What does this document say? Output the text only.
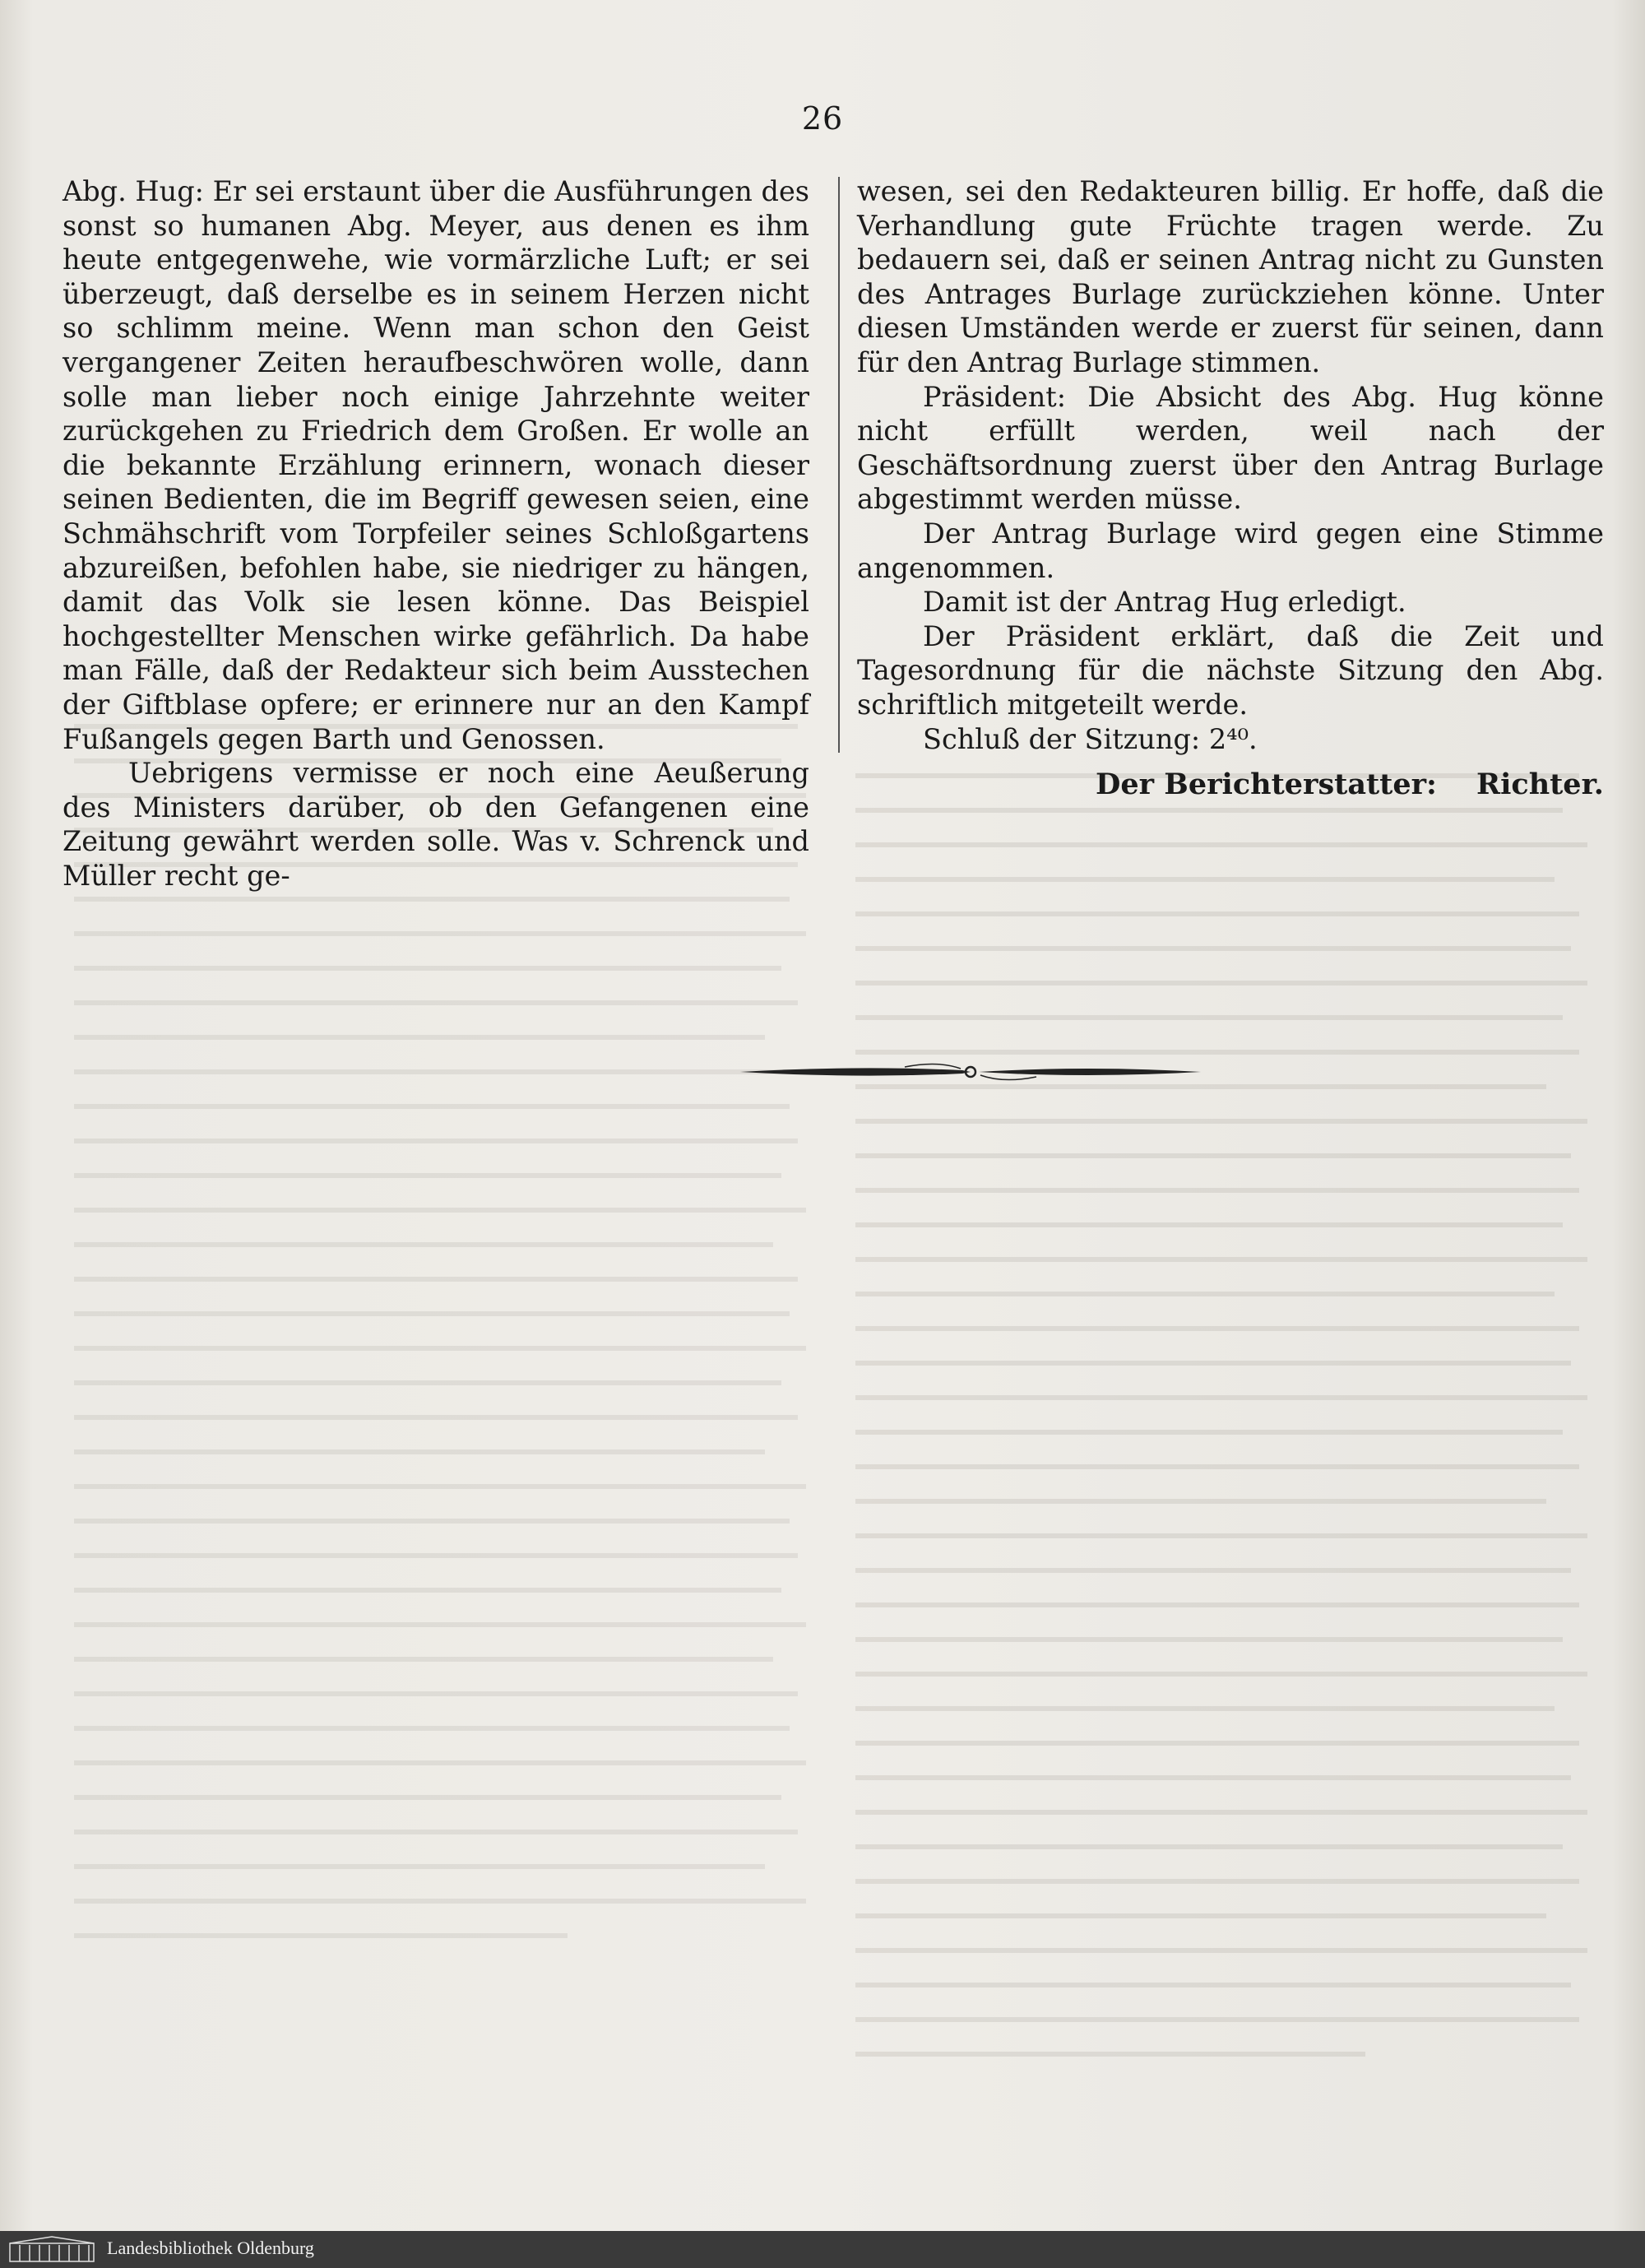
26

Abg. Hug: Er sei erstaunt über die Ausführungen des sonst so humanen Abg. Meyer, aus denen es ihm heute entgegenwehe, wie vormärzliche Luft; er sei überzeugt, daß derselbe es in seinem Herzen nicht so schlimm meine. Wenn man schon den Geist vergangener Zeiten heraufbeschwören wolle, dann solle man lieber noch einige Jahrzehnte weiter zurückgehen zu Friedrich dem Großen. Er wolle an die bekannte Erzählung erinnern, wonach dieser seinen Bedienten, die im Begriff gewesen seien, eine Schmähschrift vom Torpfeiler seines Schloßgartens abzureißen, befohlen habe, sie niedriger zu hängen, damit das Volk sie lesen könne. Das Beispiel hochgestellter Menschen wirke gefährlich. Da habe man Fälle, daß der Redakteur sich beim Ausstechen der Giftblase opfere; er erinnere nur an den Kampf Fußangels gegen Barth und Genossen.

Uebrigens vermisse er noch eine Aeußerung des Ministers darüber, ob den Gefangenen eine Zeitung gewährt werden solle. Was v. Schrenck und Müller recht ge-

wesen, sei den Redakteuren billig. Er hoffe, daß die Verhandlung gute Früchte tragen werde. Zu bedauern sei, daß er seinen Antrag nicht zu Gunsten des Antrages Burlage zurückziehen könne. Unter diesen Umständen werde er zuerst für seinen, dann für den Antrag Burlage stimmen.

Präsident: Die Absicht des Abg. Hug könne nicht erfüllt werden, weil nach der Geschäftsordnung zuerst über den Antrag Burlage abgestimmt werden müsse.

Der Antrag Burlage wird gegen eine Stimme angenommen.

Damit ist der Antrag Hug erledigt.

Der Präsident erklärt, daß die Zeit und Tagesordnung für die nächste Sitzung den Abg. schriftlich mitgeteilt werde.

Schluß der Sitzung: 2⁴⁰.

Der Berichterstatter: Richter.
Landesbibliothek Oldenburg
